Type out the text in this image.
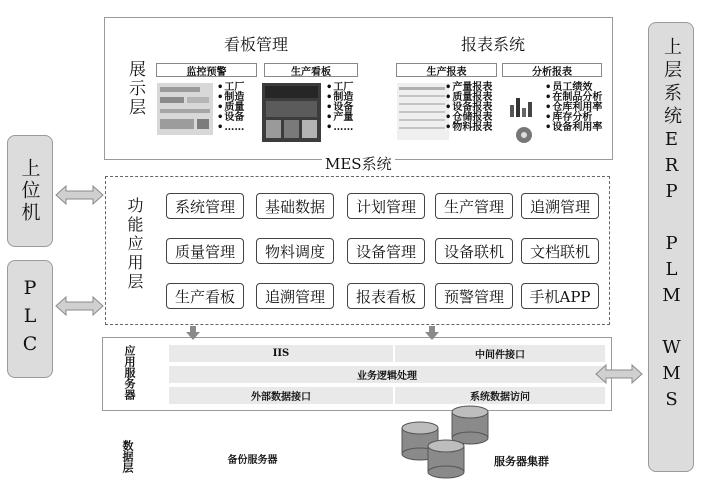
上位机
PLC	上层系统ERP PLM WMS
展示层
看板管理	报表系统
监控预警	生产看板	生产报表	分析报表
• 工厂
• 制造
• 质量
• 设备
• ……
• 工厂
• 制造
• 设备
• 产量
• ……
• 产量报表
• 质量报表
• 设备报表
• 仓储报表
• 物料报表
• 员工绩效
• 在制品分析
• 仓库利用率
• 库存分析
• 设备利用率
MES系统
功能应用层	系统管理	基础数据	计划管理	生产管理	追溯管理
质量管理	物料调度	设备管理	设备联机	文档联机
生产看板	追溯管理	报表看板	预警管理	手机APP
应用服务器	IIS	中间件接口
业务逻辑处理
外部数据接口	系统数据访问
数据层	备份服务器	服务器集群
